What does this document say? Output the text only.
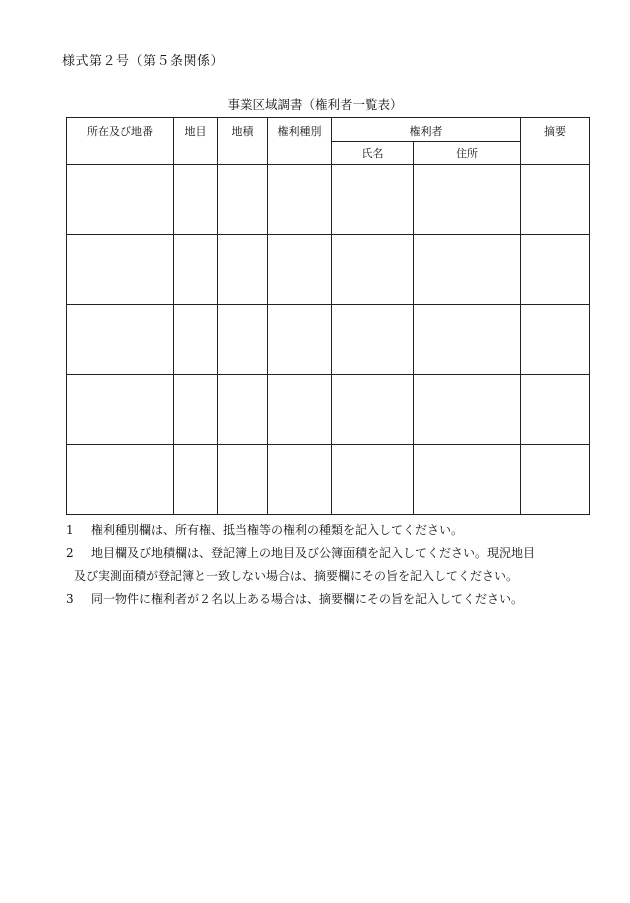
様式第２号（第５条関係）
事業区域調書（権利者一覧表）
所在及び地番	地目	地積	権利種別	権利者		摘要
				氏名	住所	

1	権利種別欄は、所有権、抵当権等の権利の種類を記入してください。
2	地目欄及び地積欄は、登記簿上の地目及び公簿面積を記入してください。現況地目
及び実測面積が登記簿と一致しない場合は、摘要欄にその旨を記入してください。
3	同一物件に権利者が２名以上ある場合は、摘要欄にその旨を記入してください。
